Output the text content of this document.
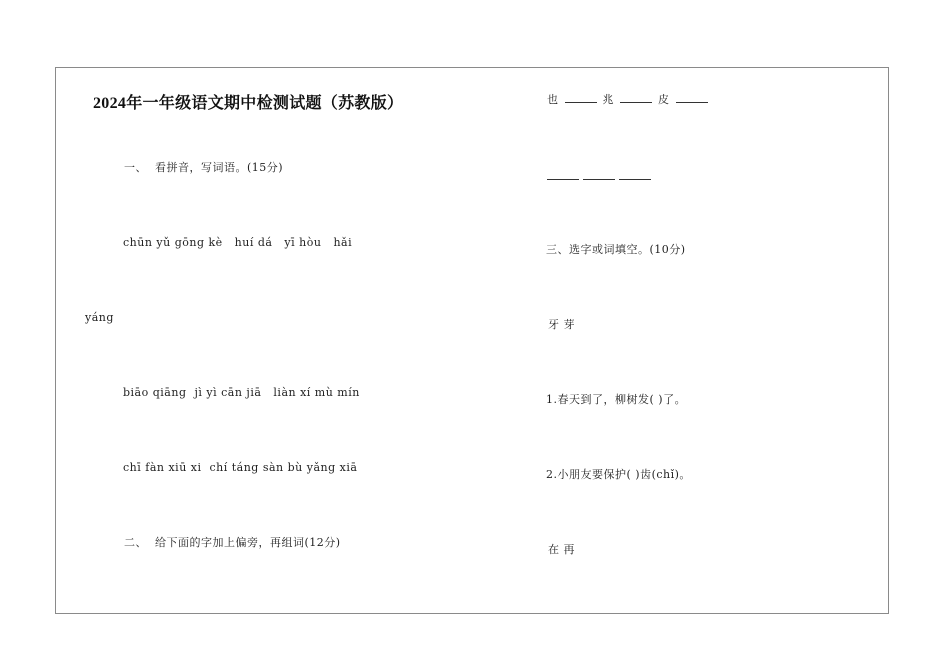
2024年一年级语文期中检测试题（苏教版）
一、  看拼音，写词语。(15分)
chūn yǔ gōng kè   huí dá   yī hòu   hǎi
yáng
biāo qiāng  jì yì cān jiā   liàn xí mù mín
chī fàn xiū xi  chí táng sàn bù yǎng xiā
二、  给下面的字加上偏旁，再组词(12分)
也	兆	皮
三、选字或词填空。(10分)
牙 芽
1.春天到了，柳树发( )了。
2.小朋友要保护( )齿(chǐ)。
在 再
